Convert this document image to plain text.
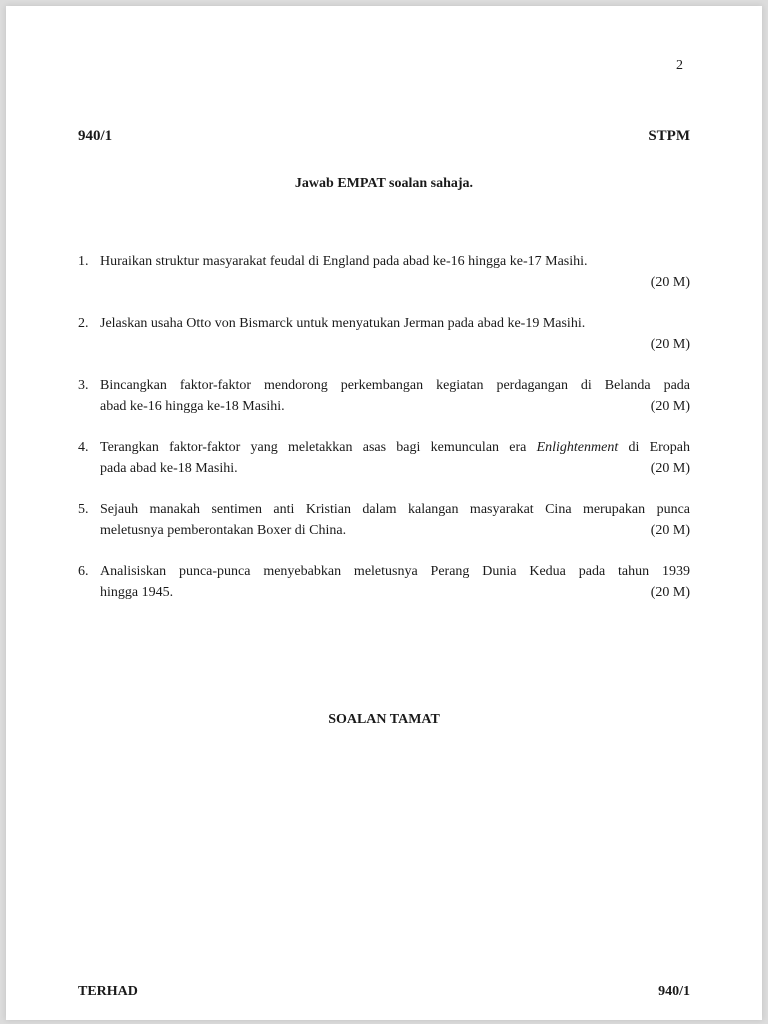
2
940/1	STPM
Jawab EMPAT soalan sahaja.
1. Huraikan struktur masyarakat feudal di England pada abad ke-16 hingga ke-17 Masihi.
(20 M)
2. Jelaskan usaha Otto von Bismarck untuk menyatukan Jerman pada abad ke-19 Masihi.
(20 M)
3. Bincangkan faktor-faktor mendorong perkembangan kegiatan perdagangan di Belanda pada
abad ke-16 hingga ke-18 Masihi.	(20 M)
4. Terangkan faktor-faktor yang meletakkan asas bagi kemunculan era Enlightenment di Eropah
pada abad ke-18 Masihi.	(20 M)
5. Sejauh manakah sentimen anti Kristian dalam kalangan masyarakat Cina merupakan punca
meletusnya pemberontakan Boxer di China.	(20 M)
6. Analisiskan punca-punca menyebabkan meletusnya Perang Dunia Kedua pada tahun 1939
hingga 1945.	(20 M)
SOALAN TAMAT
TERHAD	940/1
